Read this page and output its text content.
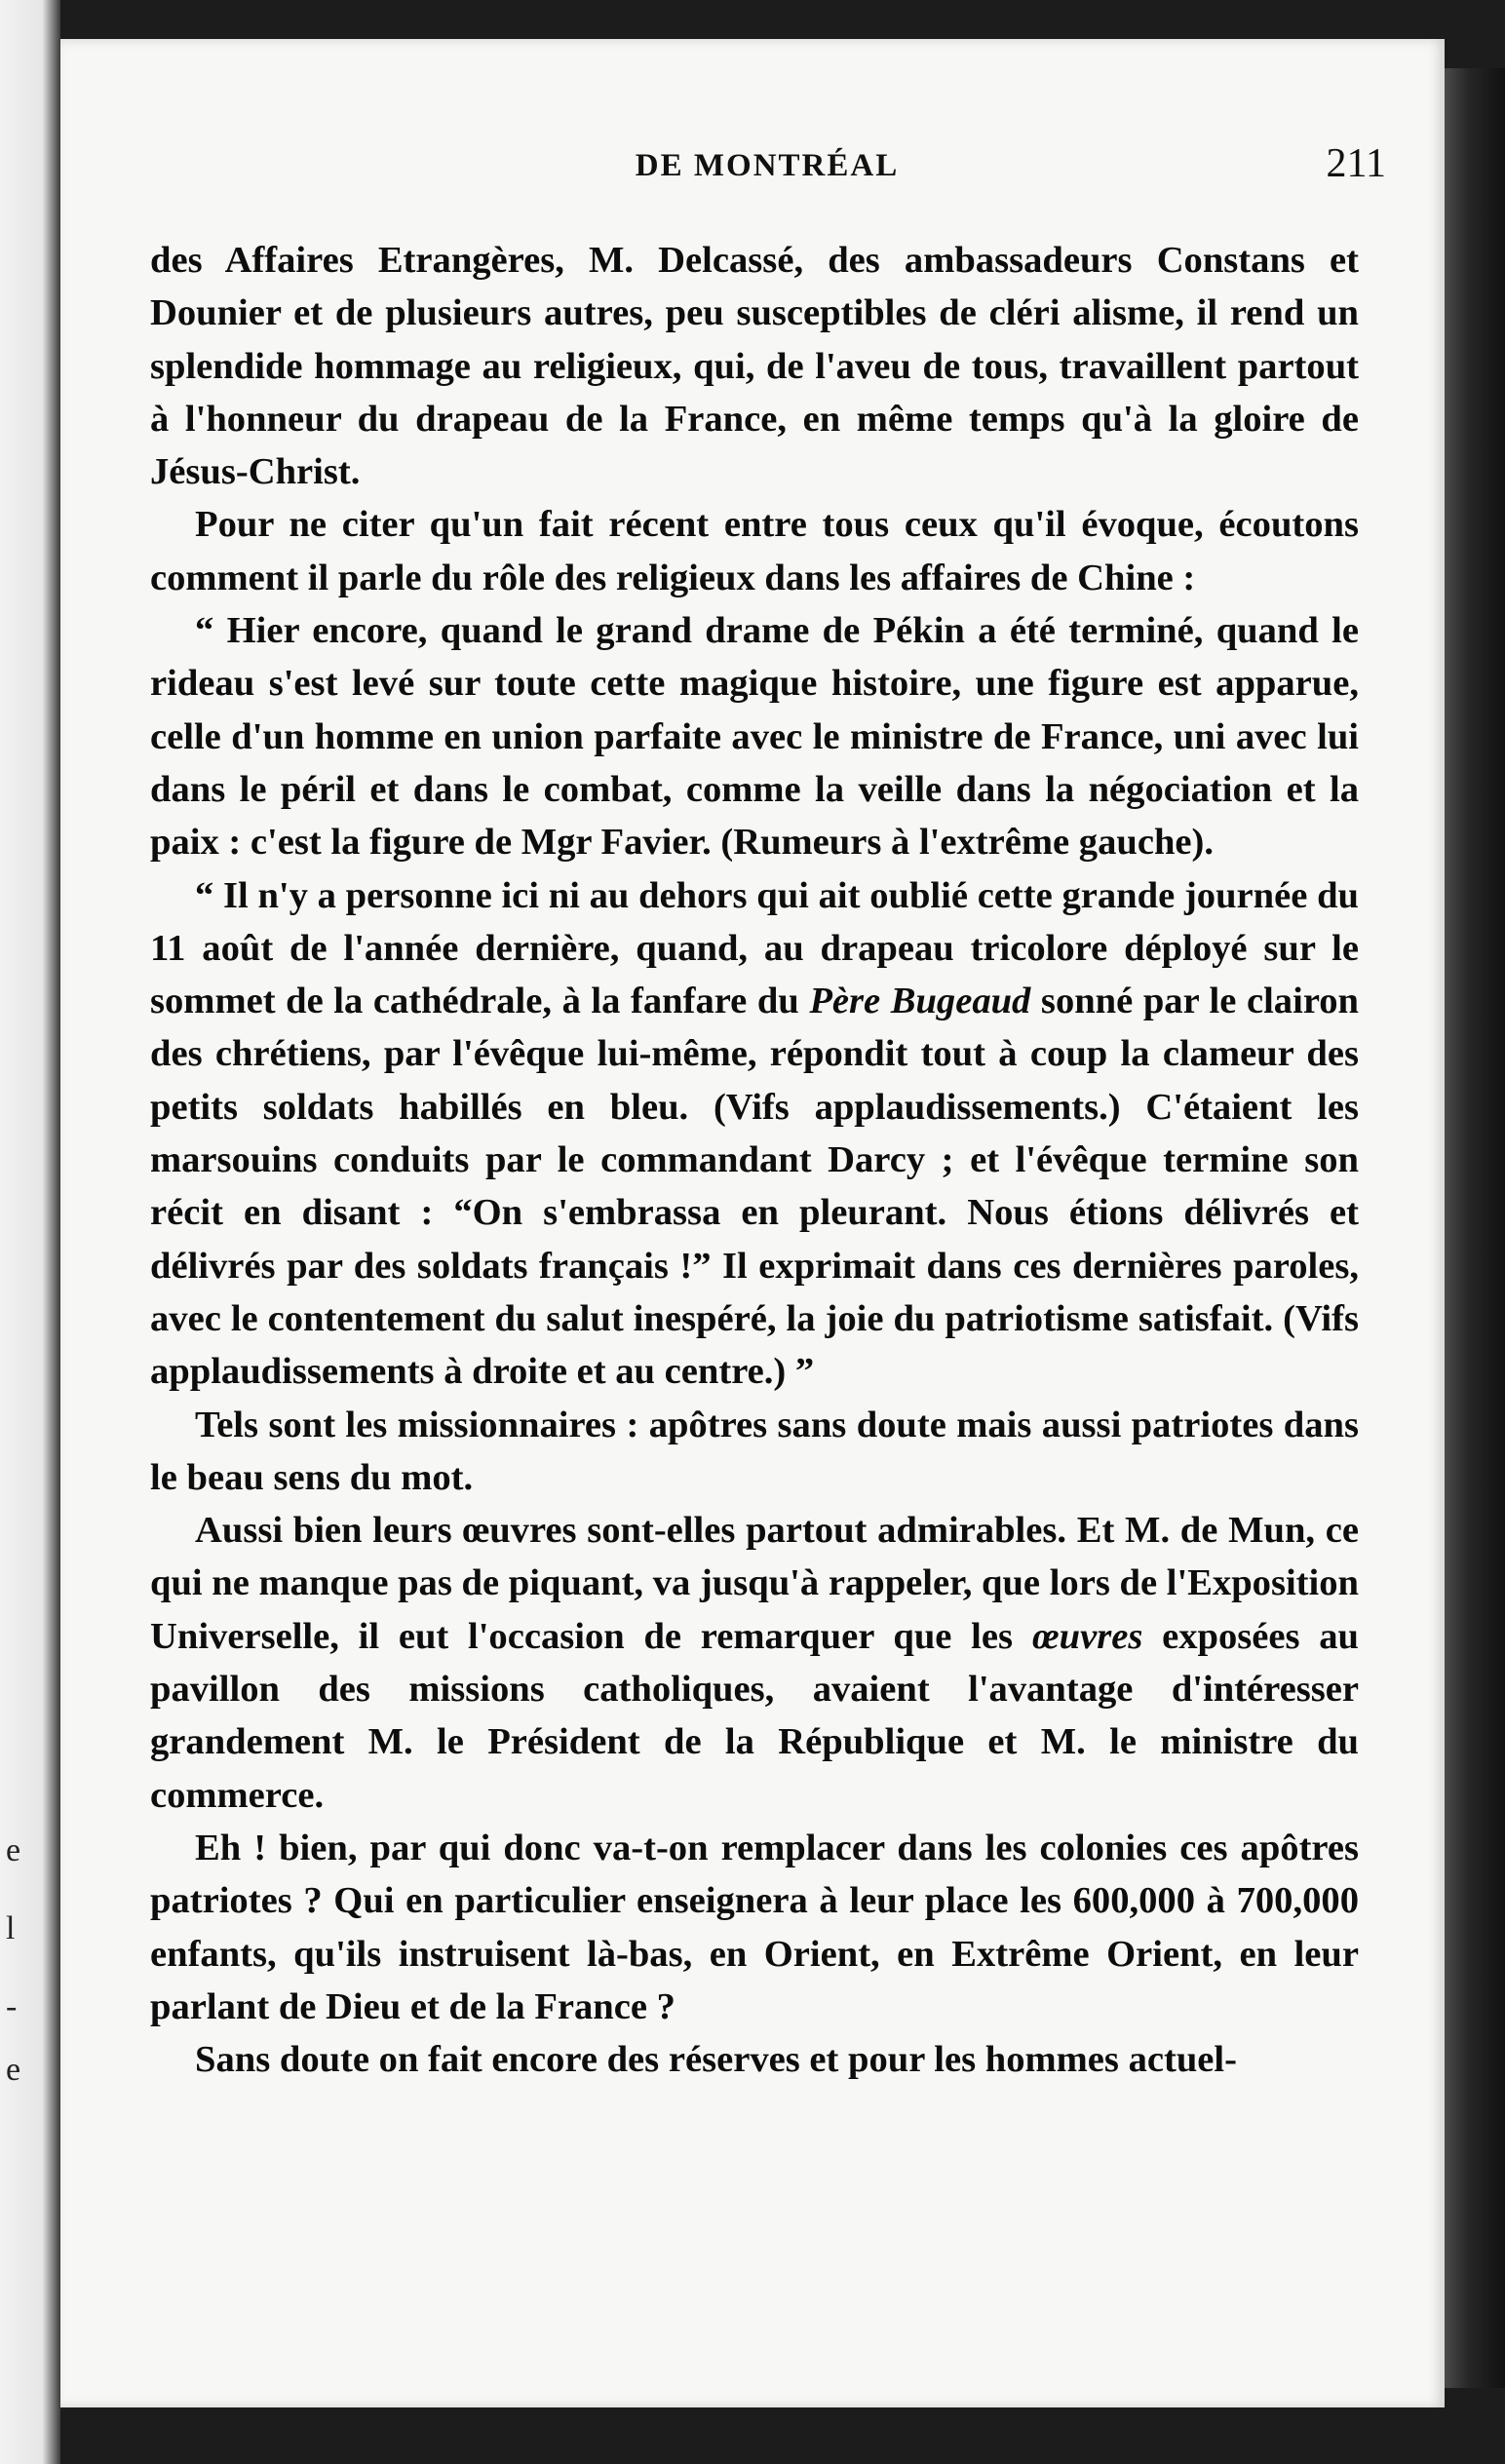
e
l
-
e
DE MONTRÉAL	211

des Affaires Etrangères, M. Delcassé, des ambassadeurs Constans et Dounier et de plusieurs autres, peu susceptibles de cléri alisme, il rend un splendide hommage au religieux, qui, de l'aveu de tous, travaillent partout à l'honneur du drapeau de la France, en même temps qu'à la gloire de Jésus-Christ.

Pour ne citer qu'un fait récent entre tous ceux qu'il évoque, écoutons comment il parle du rôle des religieux dans les affaires de Chine :

“ Hier encore, quand le grand drame de Pékin a été terminé, quand le rideau s'est levé sur toute cette magique histoire, une figure est apparue, celle d'un homme en union parfaite avec le ministre de France, uni avec lui dans le péril et dans le combat, comme la veille dans la négociation et la paix : c'est la figure de Mgr Favier. (Rumeurs à l'extrême gauche).

“ Il n'y a personne ici ni au dehors qui ait oublié cette grande journée du 11 août de l'année dernière, quand, au drapeau tricolore déployé sur le sommet de la cathédrale, à la fanfare du Père Bugeaud sonné par le clairon des chrétiens, par l'évêque lui-même, répondit tout à coup la clameur des petits soldats habillés en bleu. (Vifs applaudissements.) C'étaient les marsouins conduits par le commandant Darcy ; et l'évêque termine son récit en disant : “On s'embrassa en pleurant. Nous étions délivrés et délivrés par des soldats français !” Il exprimait dans ces dernières paroles, avec le contentement du salut inespéré, la joie du patriotisme satisfait. (Vifs applaudissements à droite et au centre.) ”

Tels sont les missionnaires : apôtres sans doute mais aussi patriotes dans le beau sens du mot.

Aussi bien leurs œuvres sont-elles partout admirables. Et M. de Mun, ce qui ne manque pas de piquant, va jusqu'à rappeler, que lors de l'Exposition Universelle, il eut l'occasion de remarquer que les œuvres exposées au pavillon des missions catholiques, avaient l'avantage d'intéresser grandement M. le Président de la République et M. le ministre du commerce.

Eh ! bien, par qui donc va-t-on remplacer dans les colonies ces apôtres patriotes ? Qui en particulier enseignera à leur place les 600,000 à 700,000 enfants, qu'ils instruisent là-bas, en Orient, en Extrême Orient, en leur parlant de Dieu et de la France ?

Sans doute on fait encore des réserves et pour les hommes actuel-
